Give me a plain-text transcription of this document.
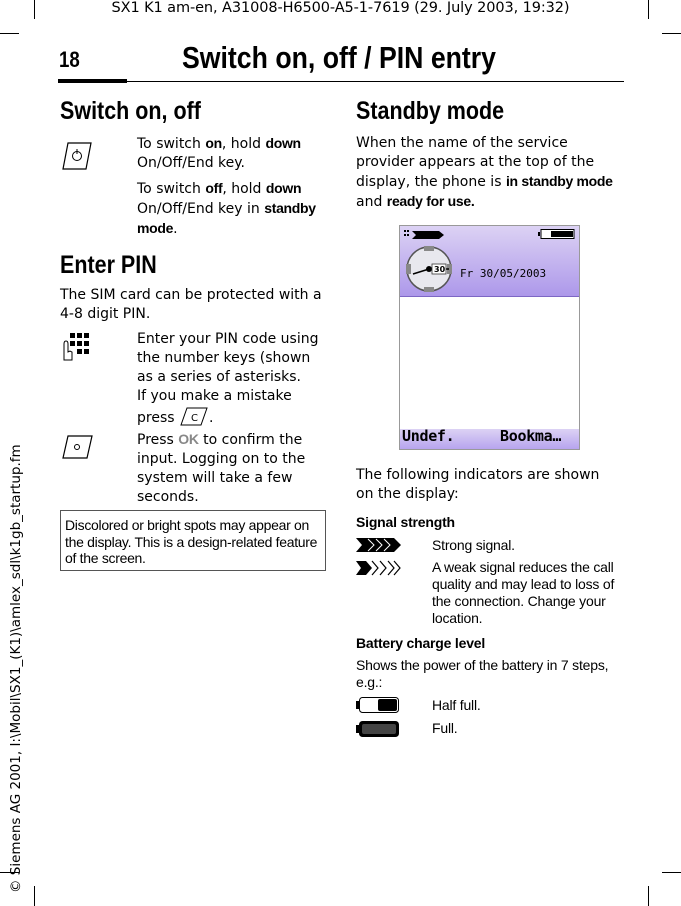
SX1 K1 am-en, A31008-H6500-A5-1-7619 (29. July 2003, 19:32)
18	Switch on, off / PIN entry
© Siemens AG 2001, I:\Mobil\SX1_(K1)\amlex_sdl\k1gb_startup.fm
Switch on, off
To switch on, hold down
On/Off/End key.
To switch off, hold down
On/Off/End key in standby
mode.
Enter PIN
The SIM card can be protected with a
4-8 digit PIN.
Enter your PIN code using
the number keys (shown
as a series of asterisks.
If you make a mistake
press C .
Press OK to confirm the
input. Logging on to the
system will take a few
seconds.
Discolored or bright spots may appear on
the display. This is a design-related feature
of the screen.
Standby mode
When the name of the service
provider appears at the top of the
display, the phone is in standby mode
and ready for use.
30 Fr 30/05/2003
Undef.	Bookma…
The following indicators are shown
on the display:
Signal strength
Strong signal.
A weak signal reduces the call
quality and may lead to loss of
the connection. Change your
location.
Battery charge level
Shows the power of the battery in 7 steps,
e.g.:
Half full.
Full.
